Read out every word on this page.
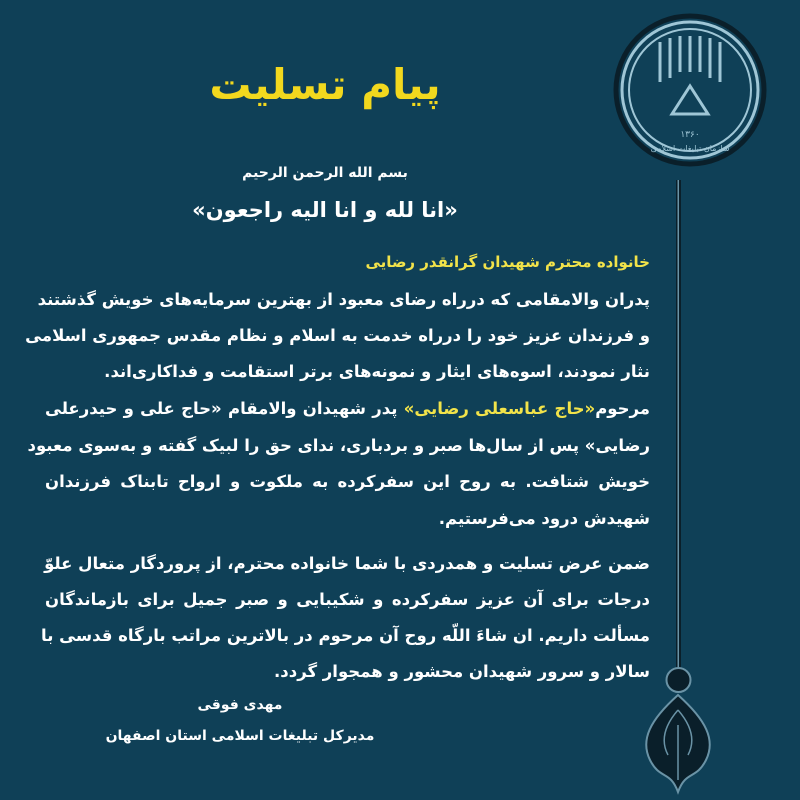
پیام تسلیت
بسم الله الرحمن الرحیم
«انا لله و انا الیه راجعون»
خانواده محترم شهیدان گرانقدر رضایی
پدران والامقامی که درراه رضای معبود از بهترین سرمایه‌های خویش گذشتند
و فرزندان عزیز خود را درراه خدمت به اسلام و نظام مقدس جمهوری اسلامی
نثار نمودند، اسوه‌های ایثار و نمونه‌های برتر استقامت و فداکاری‌اند.
مرحوم«حاج عباسعلی رضایی» پدر شهیدان والامقام «حاج علی و حیدرعلی
رضایی» پس از سال‌ها صبر و بردباری، ندای حق را لبیک گفته و به‌سوی معبود
خویش شتافت. به روح این سفرکرده به ملکوت و ارواح تابناک فرزندان
شهیدش درود می‌فرستیم.
ضمن عرض تسلیت و همدردی با شما خانواده محترم، از پروردگار متعال علوّ
درجات برای آن عزیز سفرکرده و شکیبایی و صبر جمیل برای بازماندگان
مسألت داریم. ان شاءَ اللّه روح آن مرحوم در بالاترین مراتب بارگاه قدسی با
سالار و سرور شهیدان محشور و همجوار گردد.
مهدی فوقی
مدیرکل تبلیغات اسلامی استان اصفهان
۱۳۶۰
سازمان تبلیغات اسلامی
